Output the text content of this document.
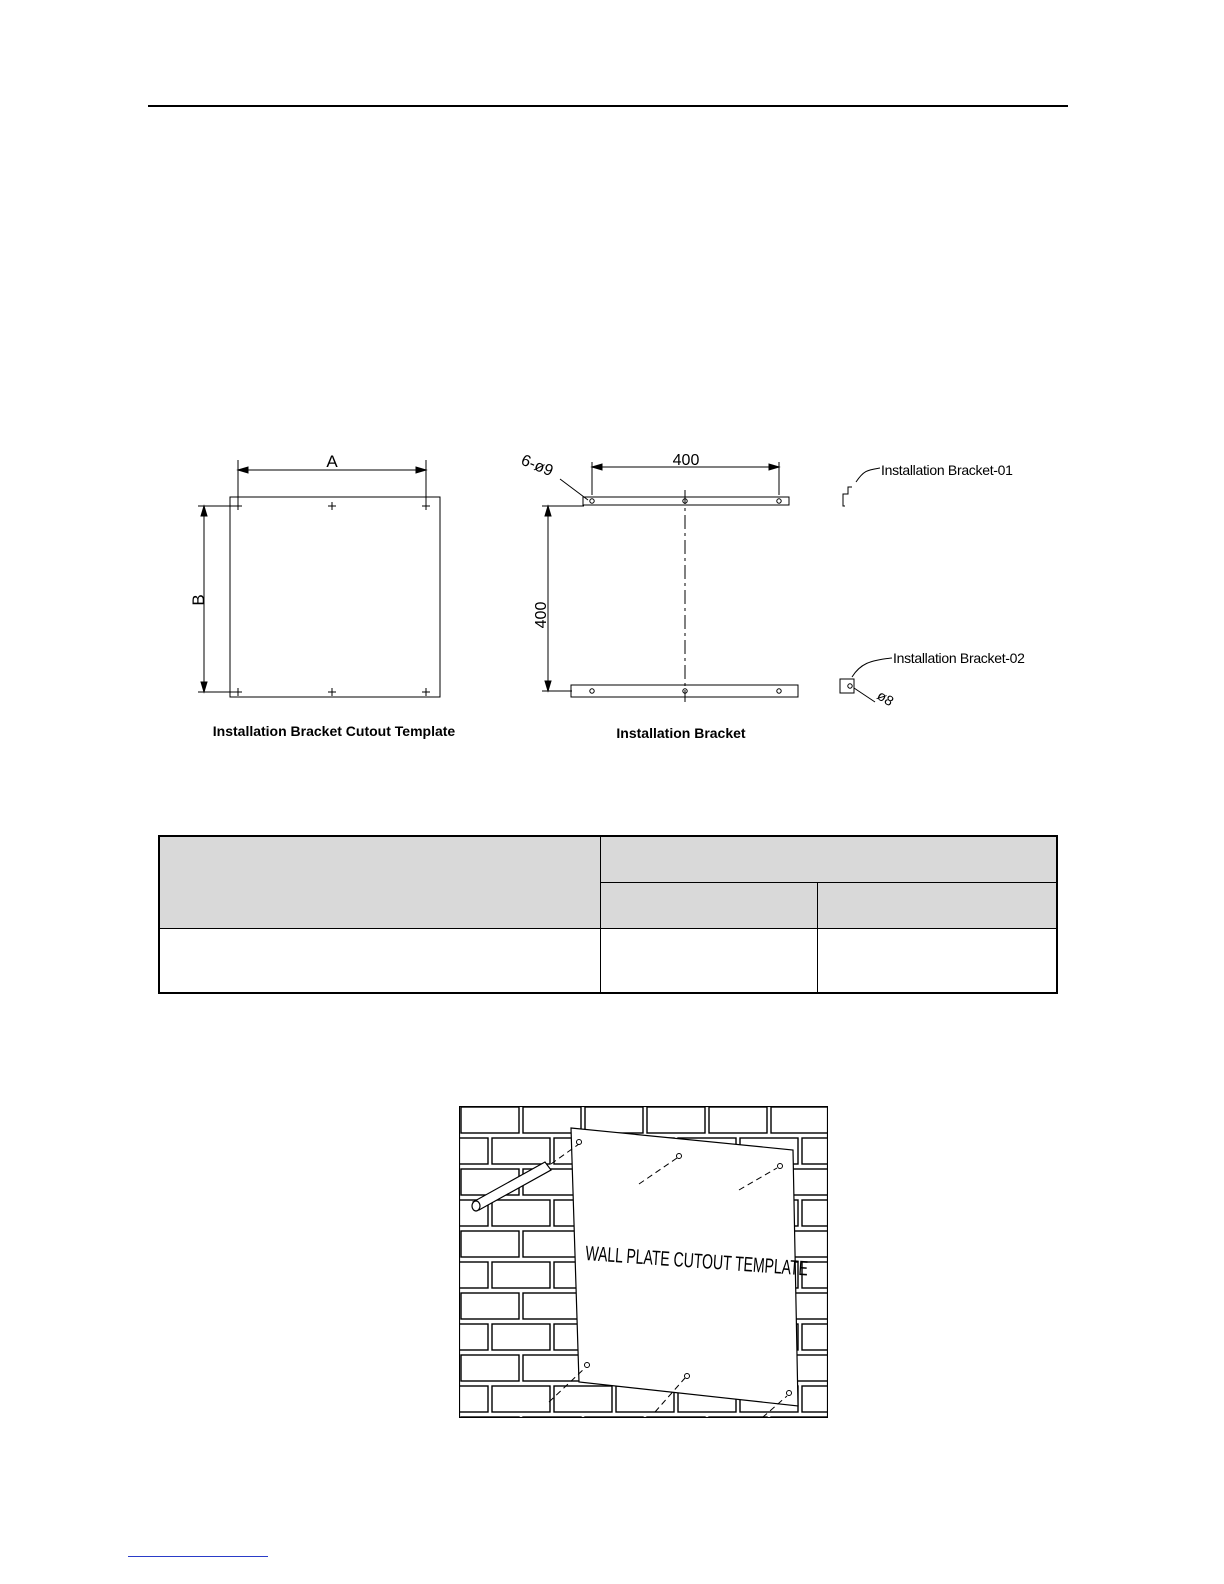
A
B
Installation Bracket Cutout Template
400
400
6-ø9
Installation Bracket
Installation Bracket-01
Installation Bracket-02
ø8

WALL PLATE CUTOUT TEMPLATE
